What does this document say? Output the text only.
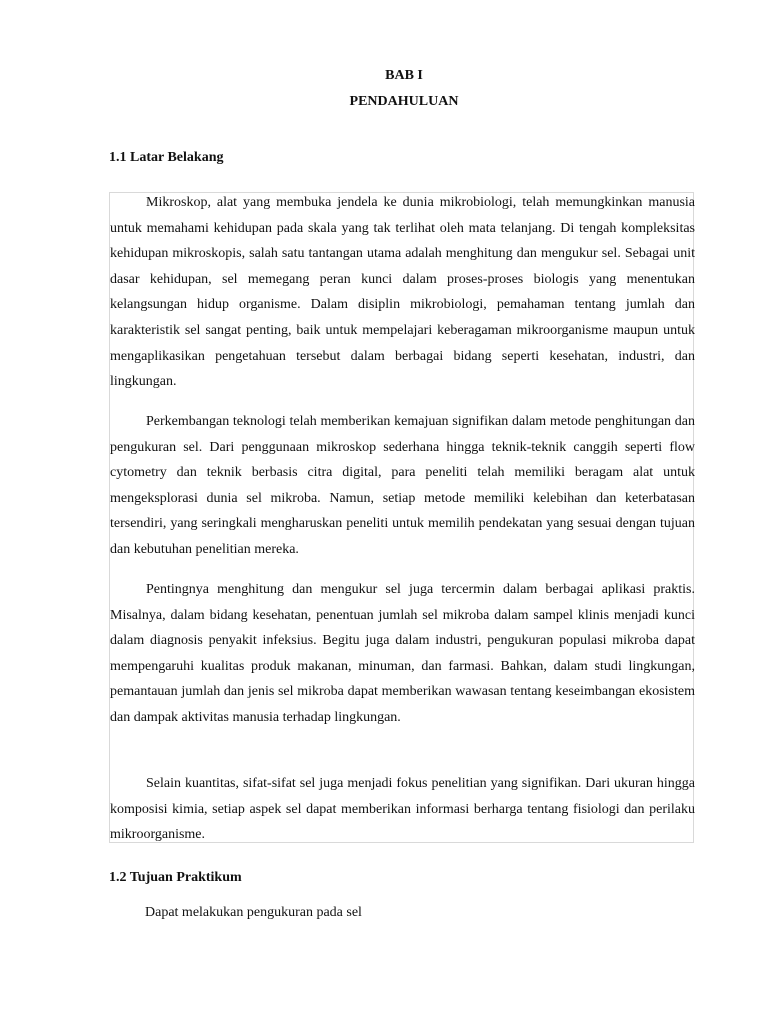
BAB I
PENDAHULUAN
1.1 Latar Belakang

Mikroskop, alat yang membuka jendela ke dunia mikrobiologi, telah memungkinkan manusia untuk memahami kehidupan pada skala yang tak terlihat oleh mata telanjang. Di tengah kompleksitas kehidupan mikroskopis, salah satu tantangan utama adalah menghitung dan mengukur sel. Sebagai unit dasar kehidupan, sel memegang peran kunci dalam proses-proses biologis yang menentukan kelangsungan hidup organisme. Dalam disiplin mikrobiologi, pemahaman tentang jumlah dan karakteristik sel sangat penting, baik untuk mempelajari keberagaman mikroorganisme maupun untuk mengaplikasikan pengetahuan tersebut dalam berbagai bidang seperti kesehatan, industri, dan lingkungan.

Perkembangan teknologi telah memberikan kemajuan signifikan dalam metode penghitungan dan pengukuran sel. Dari penggunaan mikroskop sederhana hingga teknik-teknik canggih seperti flow cytometry dan teknik berbasis citra digital, para peneliti telah memiliki beragam alat untuk mengeksplorasi dunia sel mikroba. Namun, setiap metode memiliki kelebihan dan keterbatasan tersendiri, yang seringkali mengharuskan peneliti untuk memilih pendekatan yang sesuai dengan tujuan dan kebutuhan penelitian mereka.

Pentingnya menghitung dan mengukur sel juga tercermin dalam berbagai aplikasi praktis. Misalnya, dalam bidang kesehatan, penentuan jumlah sel mikroba dalam sampel klinis menjadi kunci dalam diagnosis penyakit infeksius. Begitu juga dalam industri, pengukuran populasi mikroba dapat mempengaruhi kualitas produk makanan, minuman, dan farmasi. Bahkan, dalam studi lingkungan, pemantauan jumlah dan jenis sel mikroba dapat memberikan wawasan tentang keseimbangan ekosistem dan dampak aktivitas manusia terhadap lingkungan.

Selain kuantitas, sifat-sifat sel juga menjadi fokus penelitian yang signifikan. Dari ukuran hingga komposisi kimia, setiap aspek sel dapat memberikan informasi berharga tentang fisiologi dan perilaku mikroorganisme.

1.2 Tujuan Praktikum
Dapat melakukan pengukuran pada sel
